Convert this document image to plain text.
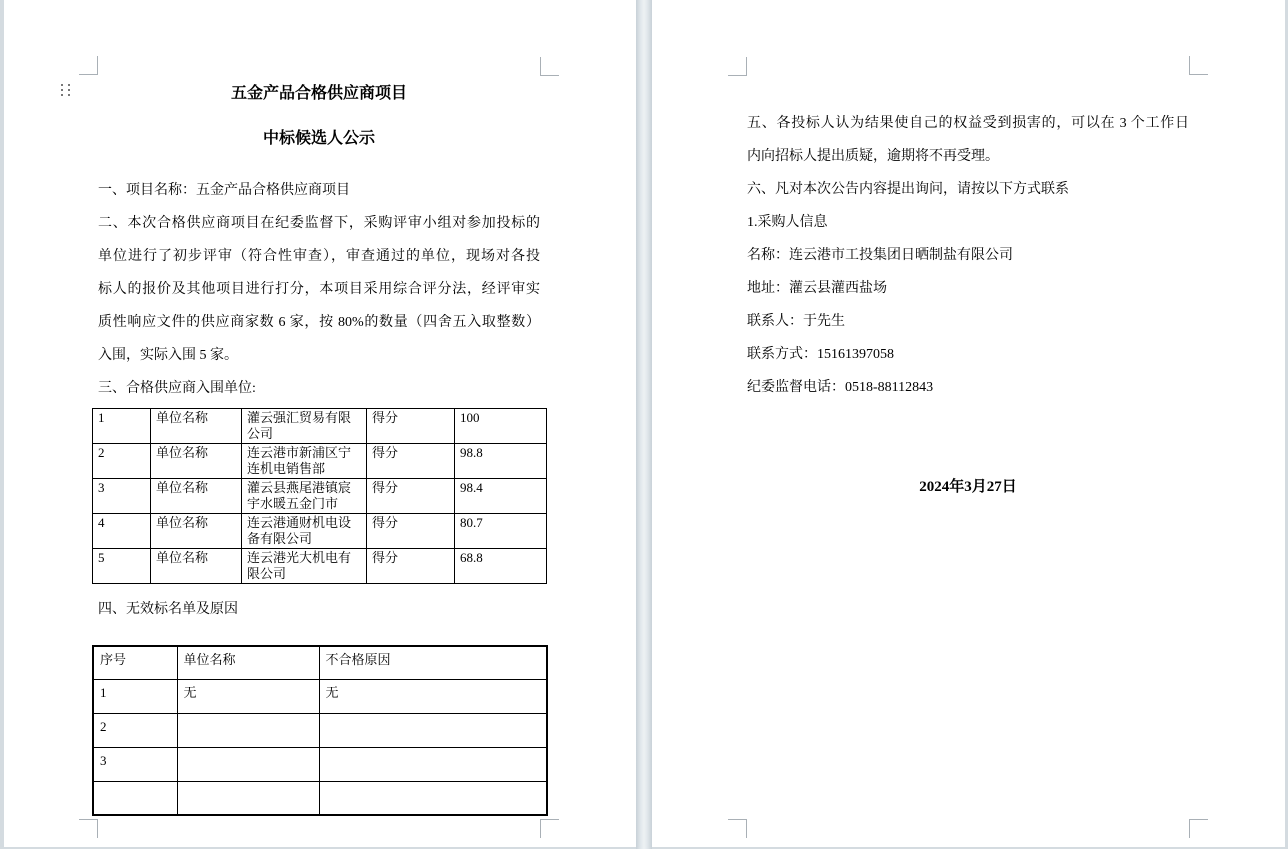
五金产品合格供应商项目
中标候选人公示
一、项目名称：五金产品合格供应商项目
二、本次合格供应商项目在纪委监督下，采购评审小组对参加投标的
单位进行了初步评审（符合性审查），审查通过的单位，现场对各投
标人的报价及其他项目进行打分，本项目采用综合评分法，经评审实
质性响应文件的供应商家数 6 家，按 80%的数量（四舍五入取整数）
入围，实际入围 5 家。
三、合格供应商入围单位:
1	单位名称	灌云强汇贸易有限公司	得分	100
2	单位名称	连云港市新浦区宁连机电销售部	得分	98.8
3	单位名称	灌云县燕尾港镇宸宇水暖五金门市	得分	98.4
4	单位名称	连云港通财机电设备有限公司	得分	80.7
5	单位名称	连云港光大机电有限公司	得分	68.8
四、无效标名单及原因
序号	单位名称	不合格原因
1	无	无
2		
3		

五、各投标人认为结果使自己的权益受到损害的，可以在 3 个工作日
内向招标人提出质疑，逾期将不再受理。
六、凡对本次公告内容提出询问，请按以下方式联系
1.采购人信息
名称：连云港市工投集团日晒制盐有限公司
地址：灌云县灌西盐场
联系人：于先生
联系方式：15161397058
纪委监督电话：0518-88112843
2024年3月27日
